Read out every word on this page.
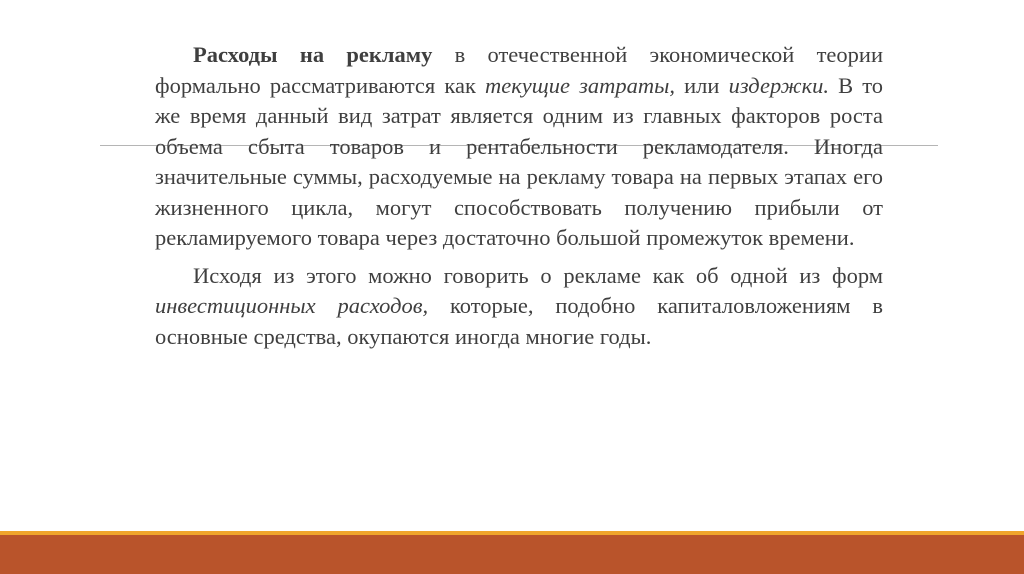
Расходы на рекламу в отечественной экономической теории формально рассматриваются как текущие затраты, или издержки. В то же время данный вид затрат является одним из главных факторов роста объема сбыта товаров и рентабельности рекламодателя. Иногда значительные суммы, расходуемые на рекламу товара на первых этапах его жизненного цикла, могут способствовать получению прибыли от рекламируемого товара через достаточно большой промежуток времени.

Исходя из этого можно говорить о рекламе как об одной из форм инвестиционных расходов, которые, подобно капиталовложениям в основные средства, окупаются иногда многие годы.
